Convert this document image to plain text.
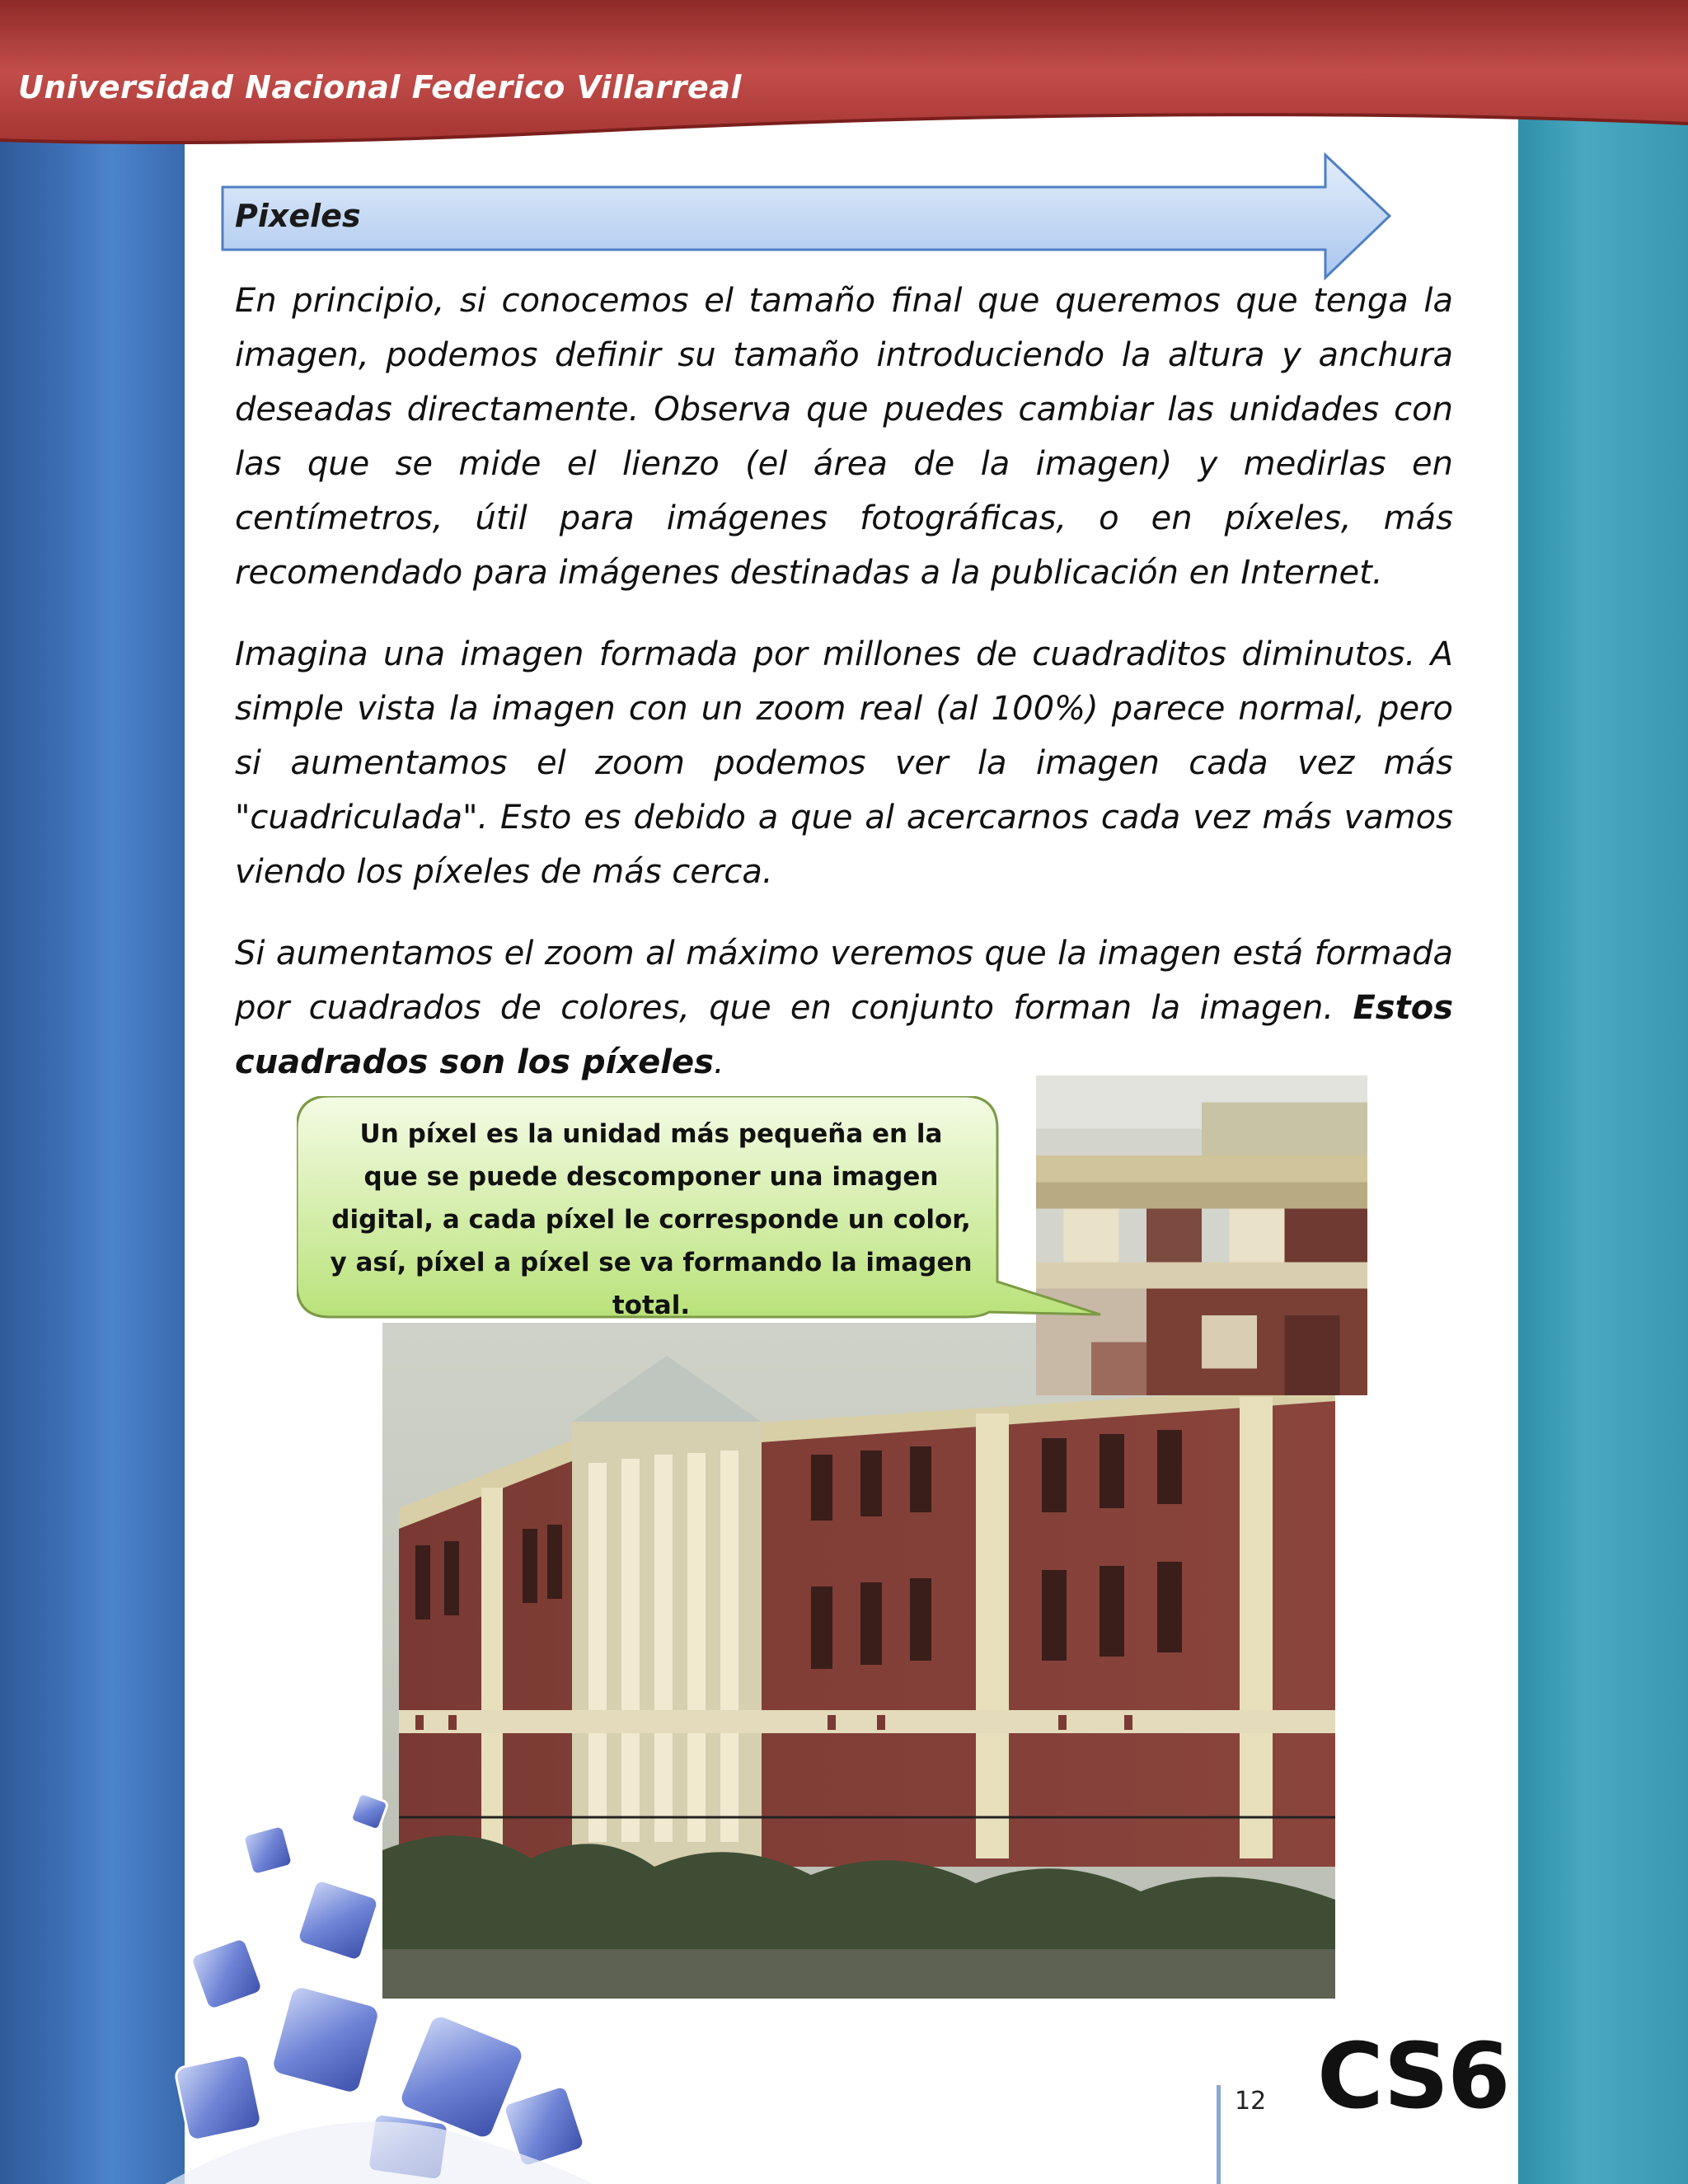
Universidad Nacional Federico Villarreal
Pixeles

En principio, si conocemos el tamaño final que queremos que tenga la imagen, podemos definir su tamaño introduciendo la altura y anchura deseadas directamente. Observa que puedes cambiar las unidades con las que se mide el lienzo (el área de la imagen) y medirlas en centímetros, útil para imágenes fotográficas, o en píxeles, más recomendado para imágenes destinadas a la publicación en Internet.

Imagina una imagen formada por millones de cuadraditos diminutos. A simple vista la imagen con un zoom real (al 100%) parece normal, pero si aumentamos el zoom podemos ver la imagen cada vez más "cuadriculada". Esto es debido a que al acercarnos cada vez más vamos viendo los píxeles de más cerca.

Si aumentamos el zoom al máximo veremos que la imagen está formada por cuadrados de colores, que en conjunto forman la imagen. Estos cuadrados son los píxeles.

Un píxel es la unidad más pequeña en la que se puede descomponer una imagen digital, a cada píxel le corresponde un color, y así, píxel a píxel se va formando la imagen total.
12 CS6
